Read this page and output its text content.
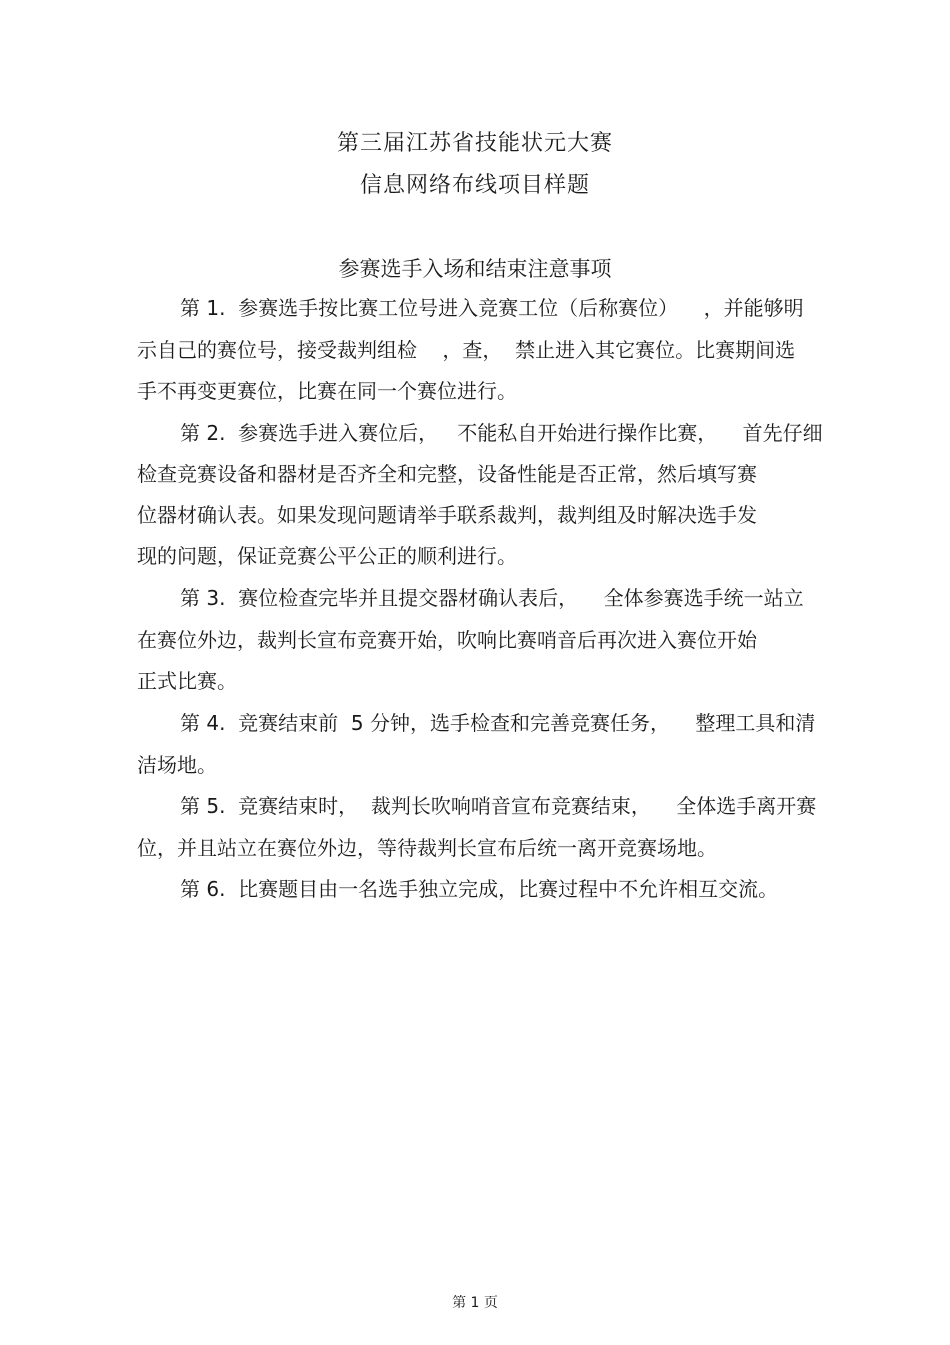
第三届江苏省技能状元大赛
信息网络布线项目样题
参赛选手入场和结束注意事项
第 1.  参赛选手按比赛工位号进入竞赛工位（后称赛位）    ，并能够明
示自己的赛位号，接受裁判组检    ，查，  禁止进入其它赛位。比赛期间选
手不再变更赛位，比赛在同一个赛位进行。
第 2.  参赛选手进入赛位后，   不能私自开始进行操作比赛，    首先仔细
检查竞赛设备和器材是否齐全和完整，设备性能是否正常，然后填写赛
位器材确认表。如果发现问题请举手联系裁判，裁判组及时解决选手发
现的问题，保证竞赛公平公正的顺利进行。
第 3.  赛位检查完毕并且提交器材确认表后，    全体参赛选手统一站立
在赛位外边，裁判长宣布竞赛开始，吹响比赛哨音后再次进入赛位开始
正式比赛。
第 4.  竞赛结束前  5 分钟，选手检查和完善竞赛任务，    整理工具和清
洁场地。
第 5.  竞赛结束时，  裁判长吹响哨音宣布竞赛结束，    全体选手离开赛
位，并且站立在赛位外边，等待裁判长宣布后统一离开竞赛场地。
第 6.  比赛题目由一名选手独立完成，比赛过程中不允许相互交流。
第 1 页
